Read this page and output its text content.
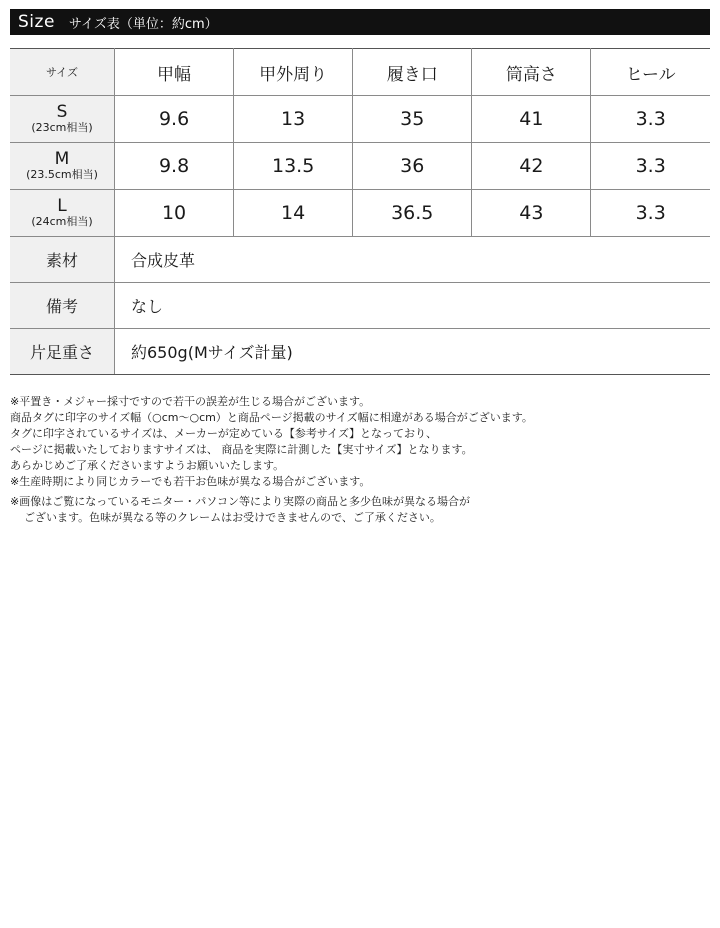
Size サイズ表（単位：約cm）
サイズ	甲幅	甲外周り	履き口	筒高さ	ヒール

S
(23cm相当)	9.6	13	35	41	3.3

M
(23.5cm相当)	9.8	13.5	36	42	3.3

L
(24cm相当)	10	14	36.5	43	3.3
素材	合成皮革				
備考	なし				
片足重さ	約650g(Mサイズ計量)				

※平置き・メジャー採寸ですので若干の誤差が生じる場合がございます。

商品タグに印字のサイズ幅（○cm～○cm）と商品ページ掲載のサイズ幅に相違がある場合がございます。

タグに印字されているサイズは、メーカーが定めている【参考サイズ】となっており、

ページに掲載いたしておりますサイズは、 商品を実際に計測した【実寸サイズ】となります。

あらかじめご了承くださいますようお願いいたします。

※生産時期により同じカラーでも若干お色味が異なる場合がございます。

※画像はご覧になっているモニター・パソコン等により実際の商品と多少色味が異なる場合が

ございます。色味が異なる等のクレームはお受けできませんので、ご了承ください。
